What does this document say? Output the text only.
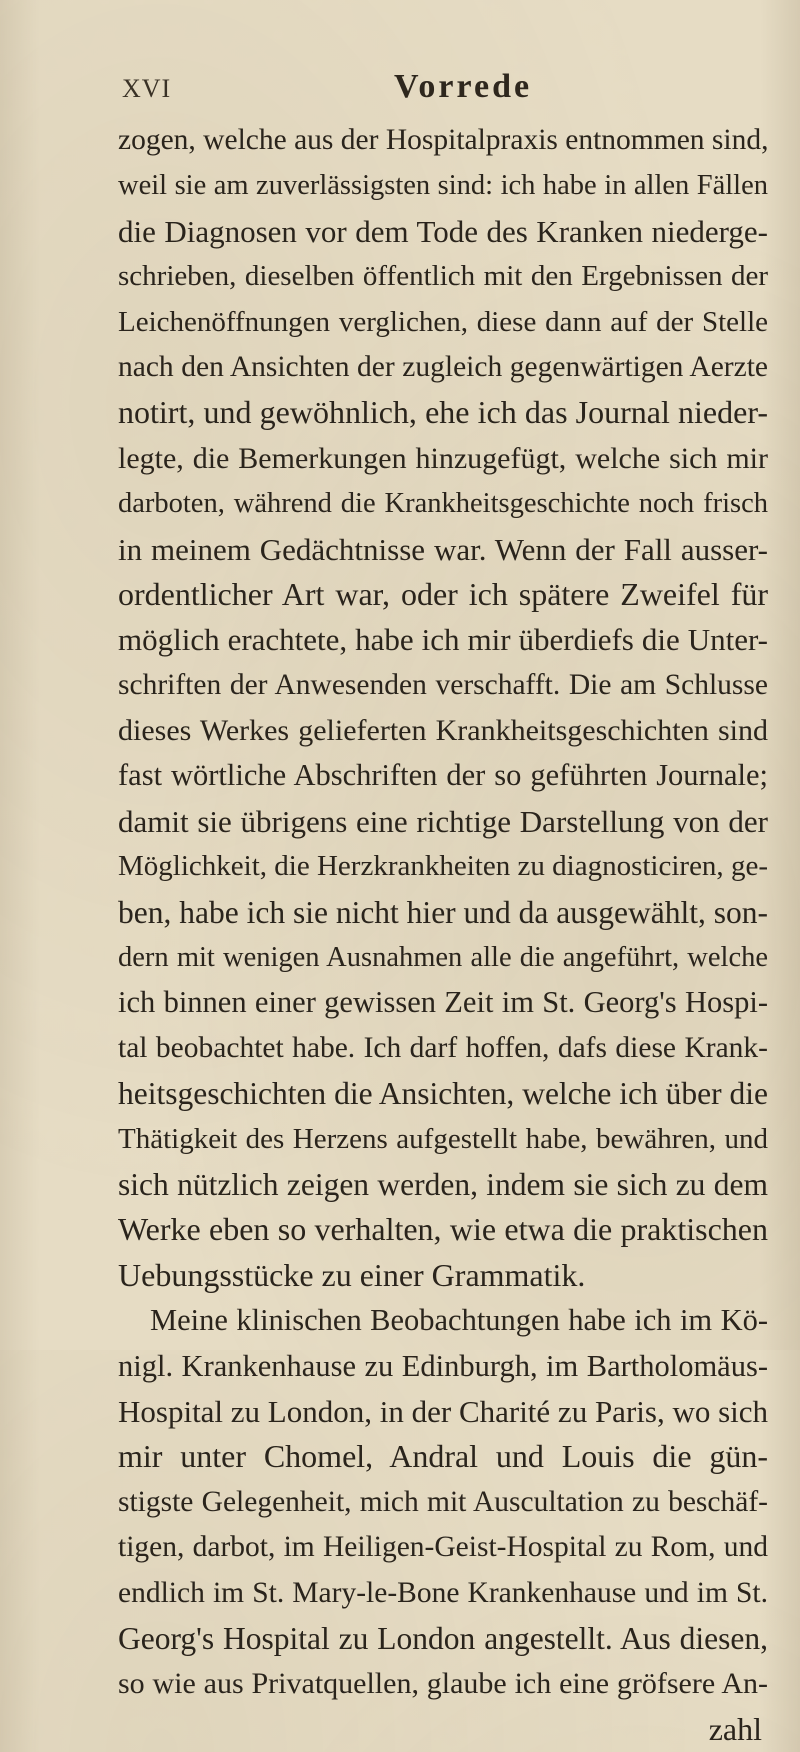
XVI	Vorrede
zogen, welche aus der Hospitalpraxis entnommen sind,
weil sie am zuverlässigsten sind: ich habe in allen Fällen
die Diagnosen vor dem Tode des Kranken niederge-
schrieben, dieselben öffentlich mit den Ergebnissen der
Leichenöffnungen verglichen, diese dann auf der Stelle
nach den Ansichten der zugleich gegenwärtigen Aerzte
notirt, und gewöhnlich, ehe ich das Journal nieder-
legte, die Bemerkungen hinzugefügt, welche sich mir
darboten, während die Krankheitsgeschichte noch frisch
in meinem Gedächtnisse war. Wenn der Fall ausser-
ordentlicher Art war, oder ich spätere Zweifel für
möglich erachtete, habe ich mir überdiefs die Unter-
schriften der Anwesenden verschafft. Die am Schlusse
dieses Werkes gelieferten Krankheitsgeschichten sind
fast wörtliche Abschriften der so geführten Journale;
damit sie übrigens eine richtige Darstellung von der
Möglichkeit, die Herzkrankheiten zu diagnosticiren, ge-
ben, habe ich sie nicht hier und da ausgewählt, son-
dern mit wenigen Ausnahmen alle die angeführt, welche
ich binnen einer gewissen Zeit im St. Georg's Hospi-
tal beobachtet habe. Ich darf hoffen, dafs diese Krank-
heitsgeschichten die Ansichten, welche ich über die
Thätigkeit des Herzens aufgestellt habe, bewähren, und
sich nützlich zeigen werden, indem sie sich zu dem
Werke eben so verhalten, wie etwa die praktischen
Uebungsstücke zu einer Grammatik.
Meine klinischen Beobachtungen habe ich im Kö-
nigl. Krankenhause zu Edinburgh, im Bartholomäus-
Hospital zu London, in der Charité zu Paris, wo sich
mir unter Chomel, Andral und Louis die gün-
stigste Gelegenheit, mich mit Auscultation zu beschäf-
tigen, darbot, im Heiligen-Geist-Hospital zu Rom, und
endlich im St. Mary-le-Bone Krankenhause und im St.
Georg's Hospital zu London angestellt. Aus diesen,
so wie aus Privatquellen, glaube ich eine gröfsere An-
zahl
